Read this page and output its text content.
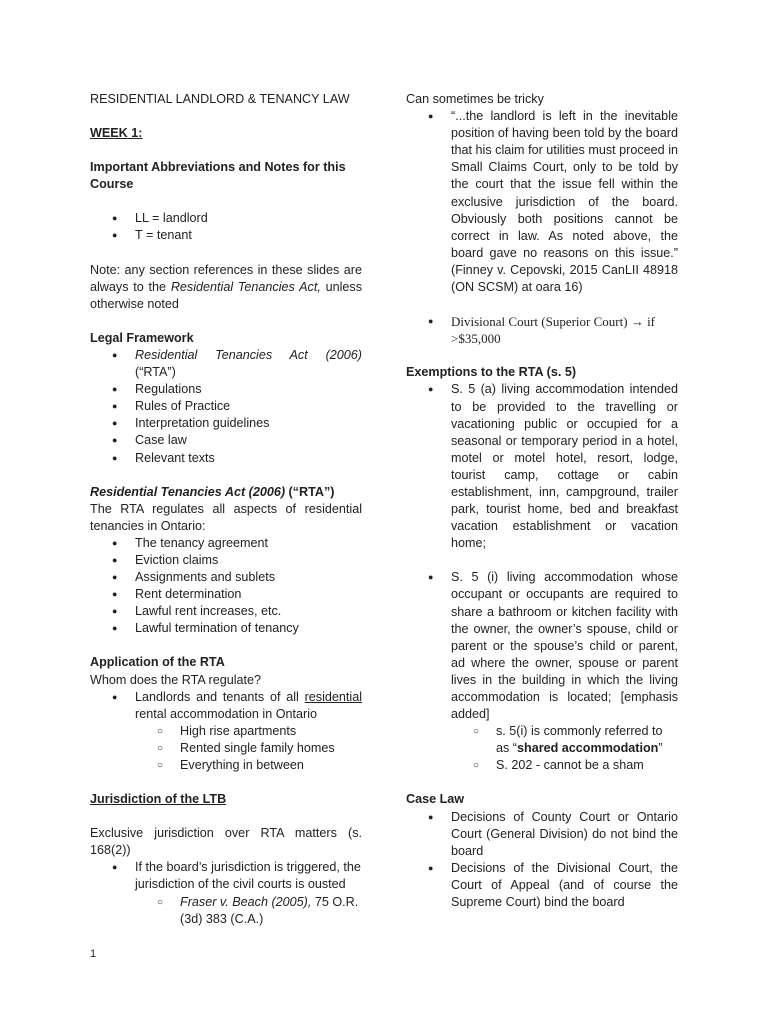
RESIDENTIAL LANDLORD & TENANCY LAW

WEEK 1:

Important Abbreviations and Notes for this Course

● LL = landlord
● T = tenant

Note: any section references in these slides are always to the Residential Tenancies Act, unless otherwise noted

Legal Framework

● Residential Tenancies Act (2006) (“RTA”)
● Regulations
● Rules of Practice
● Interpretation guidelines
● Case law
● Relevant texts

Residential Tenancies Act (2006) (“RTA”)

The RTA regulates all aspects of residential tenancies in Ontario:

● The tenancy agreement
● Eviction claims
● Assignments and sublets
● Rent determination
● Lawful rent increases, etc.
● Lawful termination of tenancy

Application of the RTA

Whom does the RTA regulate?

● Landlords and tenants of all residential rental accommodation in Ontario
○ High rise apartments
○ Rented single family homes
○ Everything in between

Jurisdiction of the LTB

Exclusive jurisdiction over RTA matters (s. 168(2))

● If the board’s jurisdiction is triggered, the jurisdiction of the civil courts is ousted
○ Fraser v. Beach (2005), 75 O.R. (3d) 383 (C.A.)

Can sometimes be tricky

● “...the landlord is left in the inevitable position of having been told by the board that his claim for utilities must proceed in Small Claims Court, only to be told by the court that the issue fell within the exclusive jurisdiction of the board. Obviously both positions cannot be correct in law. As noted above, the board gave no reasons on this issue.” (Finney v. Cepovski, 2015 CanLII 48918 (ON SCSM) at oara 16)
● Divisional Court (Superior Court) → if >$35,000

Exemptions to the RTA (s. 5)

● S. 5 (a) living accommodation intended to be provided to the travelling or vacationing public or occupied for a seasonal or temporary period in a hotel, motel or motel hotel, resort, lodge, tourist camp, cottage or cabin establishment, inn, campground, trailer park, tourist home, bed and breakfast vacation establishment or vacation home;
● S. 5 (i) living accommodation whose occupant or occupants are required to share a bathroom or kitchen facility with the owner, the owner’s spouse, child or parent or the spouse’s child or parent, ad where the owner, spouse or parent lives in the building in which the living accommodation is located; [emphasis added]
○ s. 5(i) is commonly referred to as “shared accommodation”
○ S. 202 - cannot be a sham

Case Law

● Decisions of County Court or Ontario Court (General Division) do not bind the board
● Decisions of the Divisional Court, the Court of Appeal (and of course the Supreme Court) bind the board
1
